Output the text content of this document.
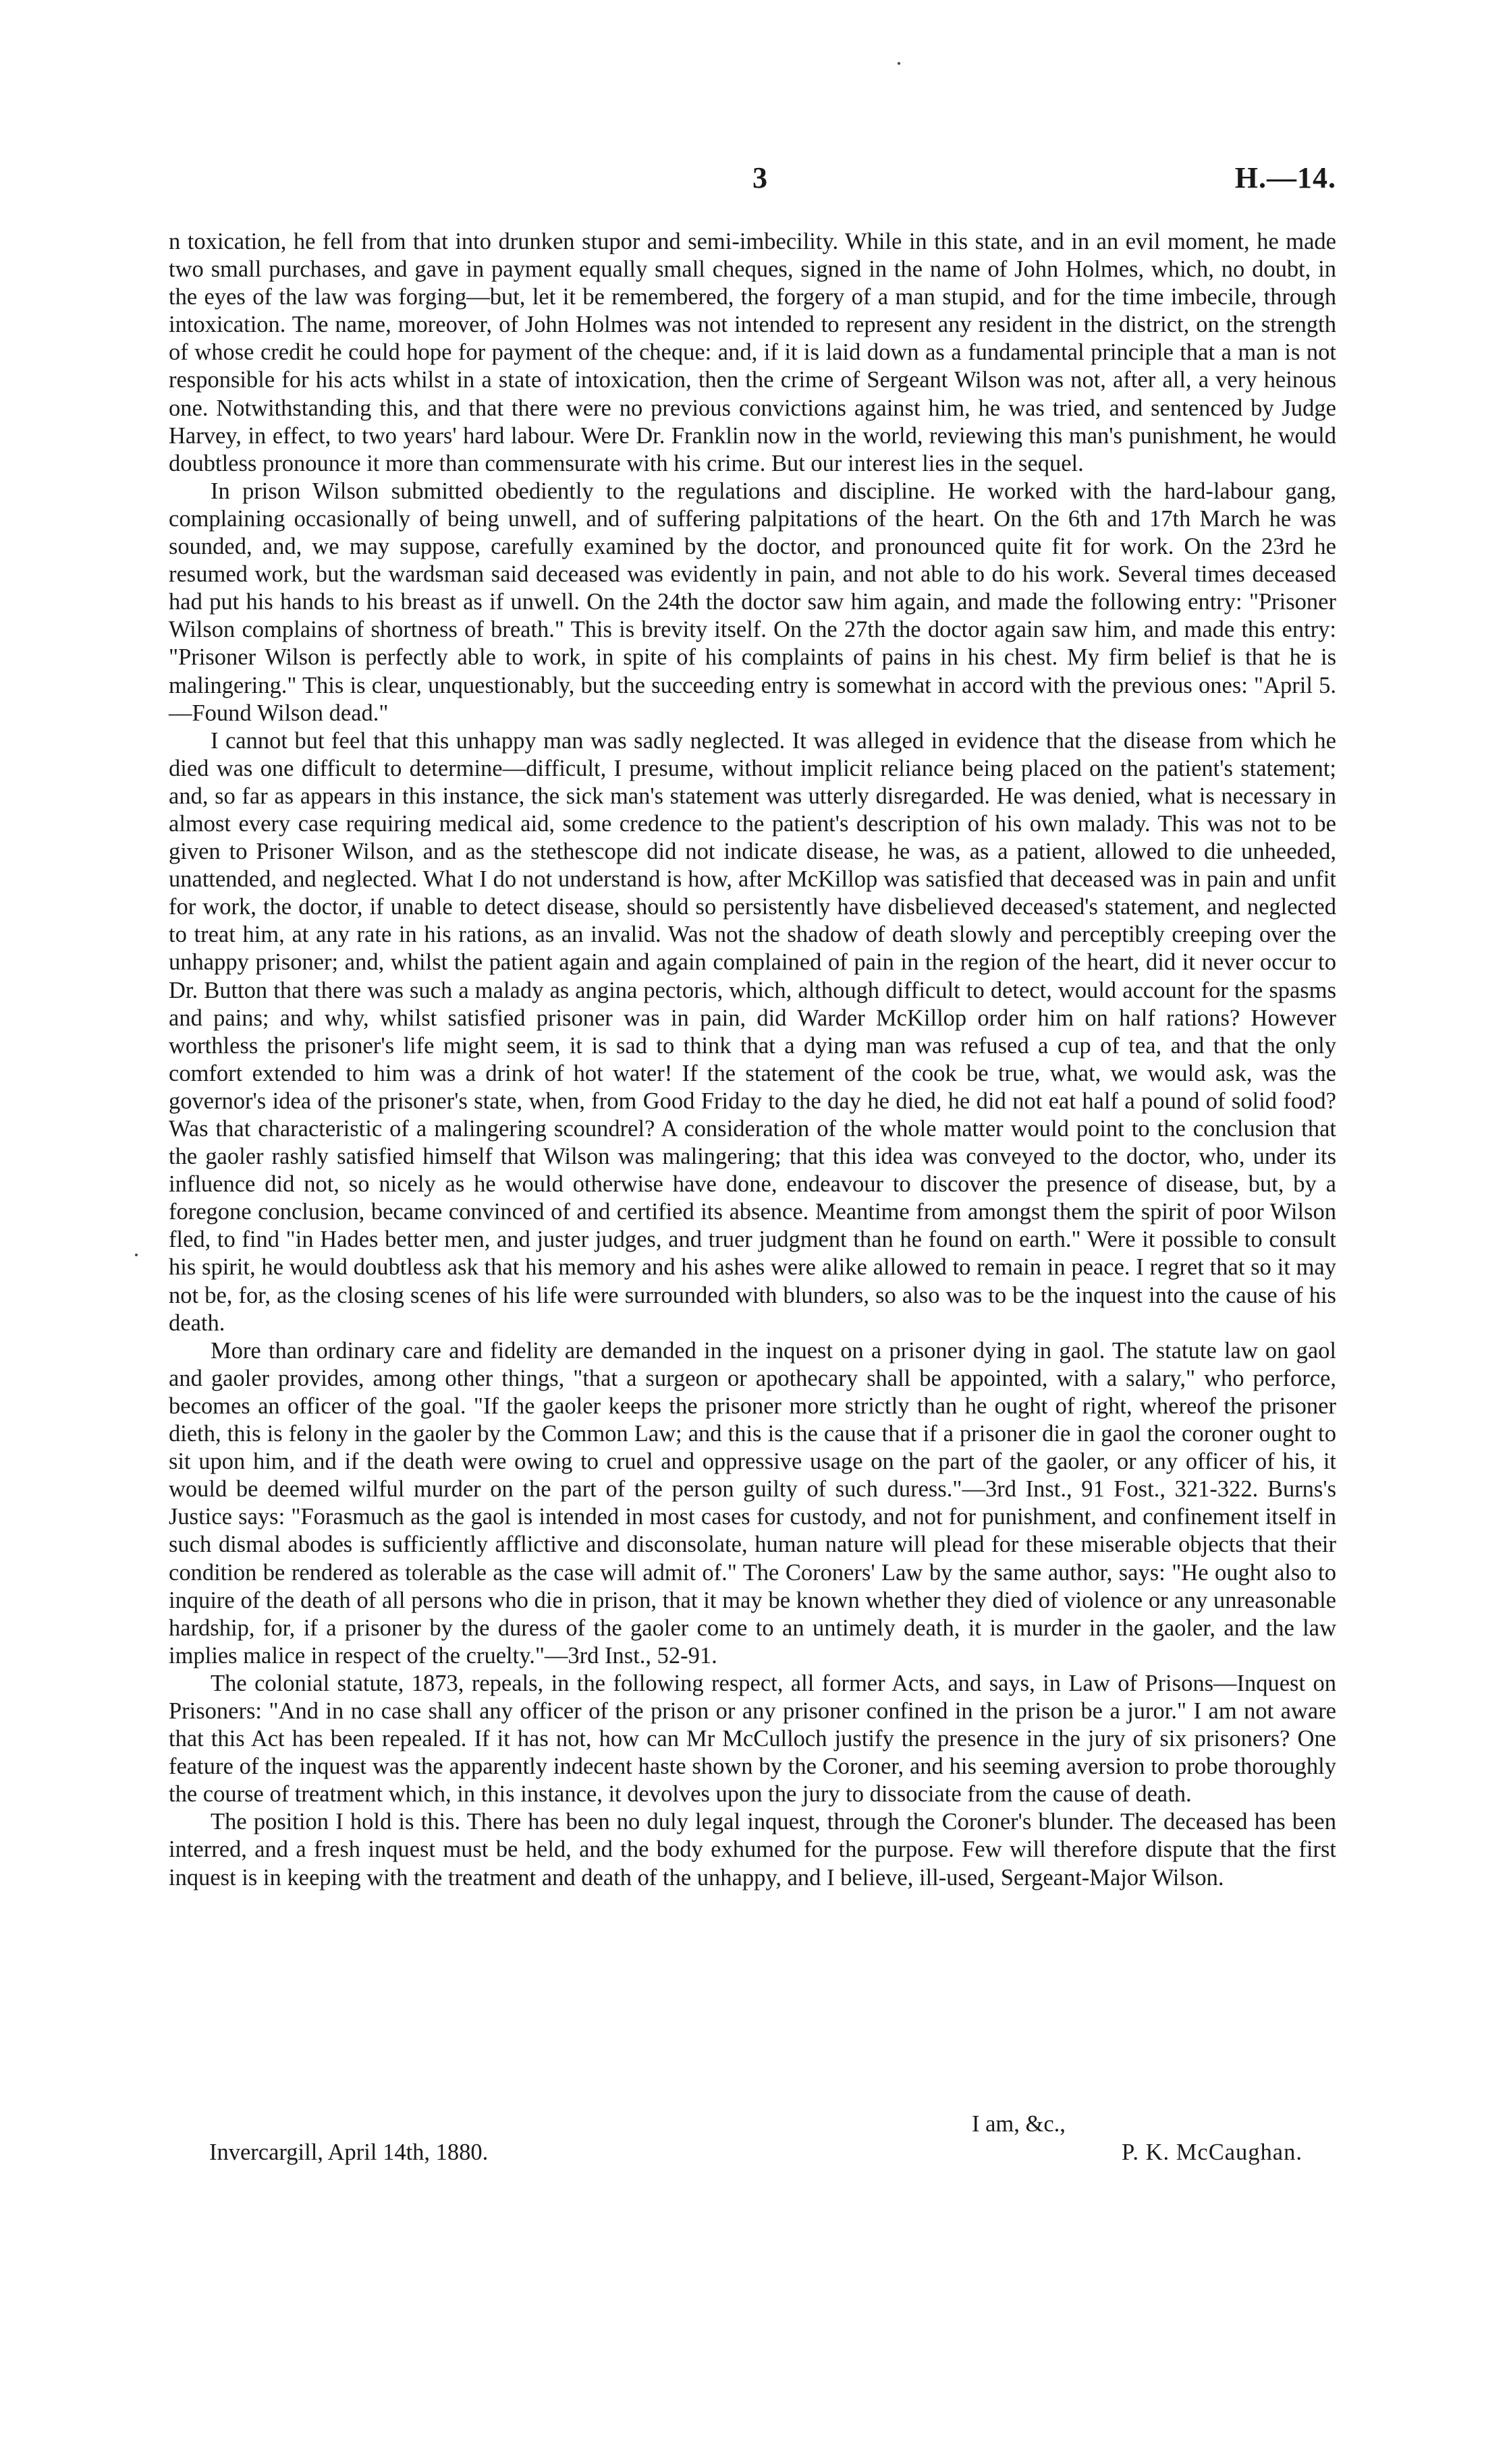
3	H.—14.

n toxication, he fell from that into drunken stupor and semi-imbecility. While in this state, and in an evil moment, he made two small purchases, and gave in payment equally small cheques, signed in the name of John Holmes, which, no doubt, in the eyes of the law was forging—but, let it be remembered, the forgery of a man stupid, and for the time imbecile, through intoxication. The name, moreover, of John Holmes was not intended to represent any resident in the district, on the strength of whose credit he could hope for payment of the cheque: and, if it is laid down as a fundamental principle that a man is not responsible for his acts whilst in a state of intoxication, then the crime of Sergeant Wilson was not, after all, a very heinous one. Notwithstanding this, and that there were no previous convictions against him, he was tried, and sentenced by Judge Harvey, in effect, to two years' hard labour. Were Dr. Franklin now in the world, reviewing this man's punishment, he would doubtless pronounce it more than commensurate with his crime. But our interest lies in the sequel.

In prison Wilson submitted obediently to the regulations and discipline. He worked with the hard-labour gang, complaining occasionally of being unwell, and of suffering palpitations of the heart. On the 6th and 17th March he was sounded, and, we may suppose, carefully examined by the doctor, and pronounced quite fit for work. On the 23rd he resumed work, but the wardsman said deceased was evidently in pain, and not able to do his work. Several times deceased had put his hands to his breast as if unwell. On the 24th the doctor saw him again, and made the following entry: "Prisoner Wilson complains of shortness of breath." This is brevity itself. On the 27th the doctor again saw him, and made this entry: "Prisoner Wilson is perfectly able to work, in spite of his complaints of pains in his chest. My firm belief is that he is malingering." This is clear, unquestionably, but the succeeding entry is somewhat in accord with the previous ones: "April 5.—Found Wilson dead."

I cannot but feel that this unhappy man was sadly neglected. It was alleged in evidence that the disease from which he died was one difficult to determine—difficult, I presume, without implicit reliance being placed on the patient's statement; and, so far as appears in this instance, the sick man's statement was utterly disregarded. He was denied, what is necessary in almost every case requiring medical aid, some credence to the patient's description of his own malady. This was not to be given to Prisoner Wilson, and as the stethescope did not indicate disease, he was, as a patient, allowed to die unheeded, unattended, and neglected. What I do not understand is how, after McKillop was satisfied that deceased was in pain and unfit for work, the doctor, if unable to detect disease, should so persistently have disbelieved deceased's statement, and neglected to treat him, at any rate in his rations, as an invalid. Was not the shadow of death slowly and perceptibly creeping over the unhappy prisoner; and, whilst the patient again and again complained of pain in the region of the heart, did it never occur to Dr. Button that there was such a malady as angina pectoris, which, although difficult to detect, would account for the spasms and pains; and why, whilst satisfied prisoner was in pain, did Warder McKillop order him on half rations? However worthless the prisoner's life might seem, it is sad to think that a dying man was refused a cup of tea, and that the only comfort extended to him was a drink of hot water! If the statement of the cook be true, what, we would ask, was the governor's idea of the prisoner's state, when, from Good Friday to the day he died, he did not eat half a pound of solid food? Was that characteristic of a malingering scoundrel? A consideration of the whole matter would point to the conclusion that the gaoler rashly satisfied himself that Wilson was malingering; that this idea was conveyed to the doctor, who, under its influence did not, so nicely as he would otherwise have done, endeavour to discover the presence of disease, but, by a foregone conclusion, became convinced of and certified its absence. Meantime from amongst them the spirit of poor Wilson fled, to find "in Hades better men, and juster judges, and truer judgment than he found on earth." Were it possible to consult his spirit, he would doubtless ask that his memory and his ashes were alike allowed to remain in peace. I regret that so it may not be, for, as the closing scenes of his life were surrounded with blunders, so also was to be the inquest into the cause of his death.

More than ordinary care and fidelity are demanded in the inquest on a prisoner dying in gaol. The statute law on gaol and gaoler provides, among other things, "that a surgeon or apothecary shall be appointed, with a salary," who perforce, becomes an officer of the goal. "If the gaoler keeps the prisoner more strictly than he ought of right, whereof the prisoner dieth, this is felony in the gaoler by the Common Law; and this is the cause that if a prisoner die in gaol the coroner ought to sit upon him, and if the death were owing to cruel and oppressive usage on the part of the gaoler, or any officer of his, it would be deemed wilful murder on the part of the person guilty of such duress."—3rd Inst., 91 Fost., 321-322. Burns's Justice says: "Forasmuch as the gaol is intended in most cases for custody, and not for punishment, and confinement itself in such dismal abodes is sufficiently afflictive and disconsolate, human nature will plead for these miserable objects that their condition be rendered as tolerable as the case will admit of." The Coroners' Law by the same author, says: "He ought also to inquire of the death of all persons who die in prison, that it may be known whether they died of violence or any unreasonable hardship, for, if a prisoner by the duress of the gaoler come to an untimely death, it is murder in the gaoler, and the law implies malice in respect of the cruelty."—3rd Inst., 52-91.

The colonial statute, 1873, repeals, in the following respect, all former Acts, and says, in Law of Prisons—Inquest on Prisoners: "And in no case shall any officer of the prison or any prisoner confined in the prison be a juror." I am not aware that this Act has been repealed. If it has not, how can Mr McCulloch justify the presence in the jury of six prisoners? One feature of the inquest was the apparently indecent haste shown by the Coroner, and his seeming aversion to probe thoroughly the course of treatment which, in this instance, it devolves upon the jury to dissociate from the cause of death.

The position I hold is this. There has been no duly legal inquest, through the Coroner's blunder. The deceased has been interred, and a fresh inquest must be held, and the body exhumed for the purpose. Few will therefore dispute that the first inquest is in keeping with the treatment and death of the unhappy, and I believe, ill-used, Sergeant-Major Wilson.

I am, &c.,
Invercargill, April 14th, 1880.	P. K. McCaughan.
